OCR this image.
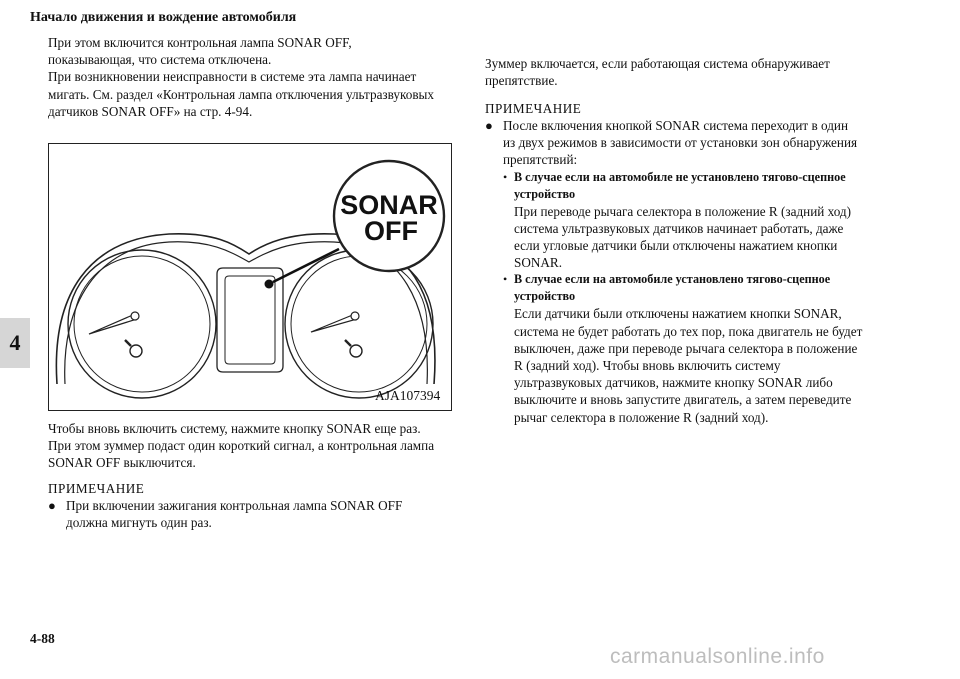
Начало движения и вождение автомобиля
4

При этом включится контрольная лампа SONAR OFF,

показывающая, что система отключена.

При возникновении неисправности в системе эта лампа начинает

мигать. См. раздел «Контрольная лампа отключения ультразвуковых

датчиков SONAR OFF» на стр. 4-94.

SONAR
OFF
AJA107394

Чтобы вновь включить систему, нажмите кнопку SONAR еще раз.

При этом зуммер подаст один короткий сигнал, а контрольная лампа

SONAR OFF выключится.

ПРИМЕЧАНИЕ
● При включении зажигания контрольная лампа SONAR OFF

должна мигнуть один раз.

Зуммер включается, если работающая система обнаруживает

препятствие.

ПРИМЕЧАНИЕ
● После включения кнопкой SONAR система переходит в один

из двух режимов в зависимости от установки зон обнаружения

препятствий:

• В случае если на автомобиле не установлено тягово-сцепное
устройство

При переводе рычага селектора в положение R (задний ход)

система ультразвуковых датчиков начинает работать, даже

если угловые датчики были отключены нажатием кнопки

SONAR.

• В случае если на автомобиле установлено тягово-сцепное
устройство

Если датчики были отключены нажатием кнопки SONAR,

система не будет работать до тех пор, пока двигатель не будет

выключен, даже при переводе рычага селектора в положение

R (задний ход). Чтобы вновь включить систему

ультразвуковых датчиков, нажмите кнопку SONAR либо

выключите и вновь запустите двигатель, а затем переведите

рычаг селектора в положение R (задний ход).

4-88
carmanualsonline.info
